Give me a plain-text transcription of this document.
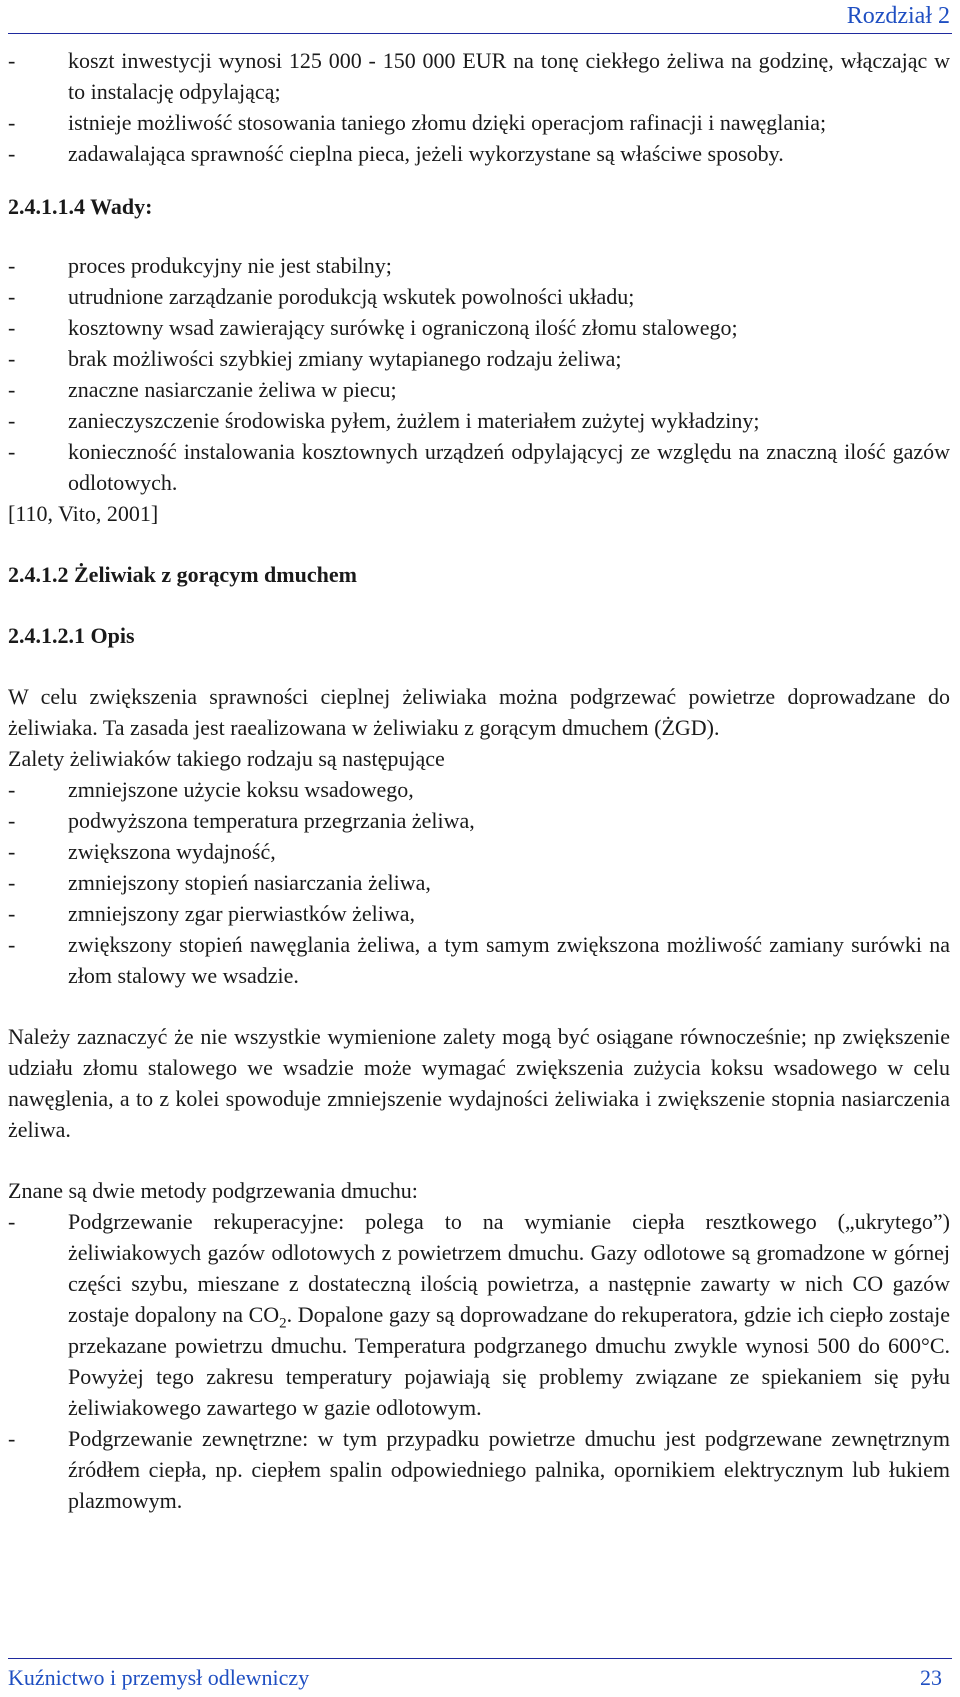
Rozdział 2
- koszt inwestycji wynosi 125 000 - 150 000 EUR na tonę ciekłego żeliwa na godzinę, włączając w to instalację odpylającą;
- istnieje możliwość stosowania taniego złomu dzięki operacjom rafinacji i nawęglania;
- zadawalająca sprawność cieplna pieca, jeżeli wykorzystane są właściwe sposoby.
2.4.1.1.4 Wady:
- proces produkcyjny nie jest stabilny;
- utrudnione zarządzanie porodukcją wskutek powolności układu;
- kosztowny wsad zawierający surówkę i ograniczoną ilość złomu stalowego;
- brak możliwości szybkiej zmiany wytapianego rodzaju żeliwa;
- znaczne nasiarczanie żeliwa w piecu;
- zanieczyszczenie środowiska pyłem, żużlem i materiałem zużytej wykładziny;
- konieczność instalowania kosztownych urządzeń odpylającycj ze względu na znaczną ilość gazów odlotowych.
[110, Vito, 2001]
2.4.1.2 Żeliwiak z gorącym dmuchem
2.4.1.2.1 Opis
W celu zwiększenia sprawności cieplnej żeliwiaka można podgrzewać powietrze doprowadzane do żeliwiaka. Ta zasada jest raealizowana w żeliwiaku z gorącym dmuchem (ŻGD).
Zalety żeliwiaków takiego rodzaju są następujące
- zmniejszone użycie koksu wsadowego,
- podwyższona temperatura przegrzania żeliwa,
- zwiększona wydajność,
- zmniejszony stopień nasiarczania żeliwa,
- zmniejszony zgar pierwiastków żeliwa,
- zwiększony stopień nawęglania żeliwa, a tym samym zwiększona możliwość zamiany surówki na złom stalowy we wsadzie.
Należy zaznaczyć że nie wszystkie wymienione zalety mogą być osiągane równocześnie; np zwiększenie udziału złomu stalowego we wsadzie może wymagać zwiększenia zużycia koksu wsadowego w celu nawęglenia, a to z kolei spowoduje zmniejszenie wydajności żeliwiaka i zwiększenie stopnia nasiarczenia żeliwa.
Znane są dwie metody podgrzewania dmuchu:
- Podgrzewanie rekuperacyjne: polega to na wymianie ciepła resztkowego („ukrytego”) żeliwiakowych gazów odlotowych z powietrzem dmuchu. Gazy odlotowe są gromadzone w górnej części szybu, mieszane z dostateczną ilością powietrza, a następnie zawarty w nich CO gazów zostaje dopalony na $CO_2$. Dopalone gazy są doprowadzane do rekuperatora, gdzie ich ciepło zostaje przekazane powietrzu dmuchu. Temperatura podgrzanego dmuchu zwykle wynosi 500 do 600°C. Powyżej tego zakresu temperatury pojawiają się problemy związane ze spiekaniem się pyłu żeliwiakowego zawartego w gazie odlotowym.
- Podgrzewanie zewnętrzne: w tym przypadku powietrze dmuchu jest podgrzewane zewnętrznym źródłem ciepła, np. ciepłem spalin odpowiedniego palnika, opornikiem elektrycznym lub łukiem plazmowym.
Kuźnictwo i przemysł odlewniczy	23
